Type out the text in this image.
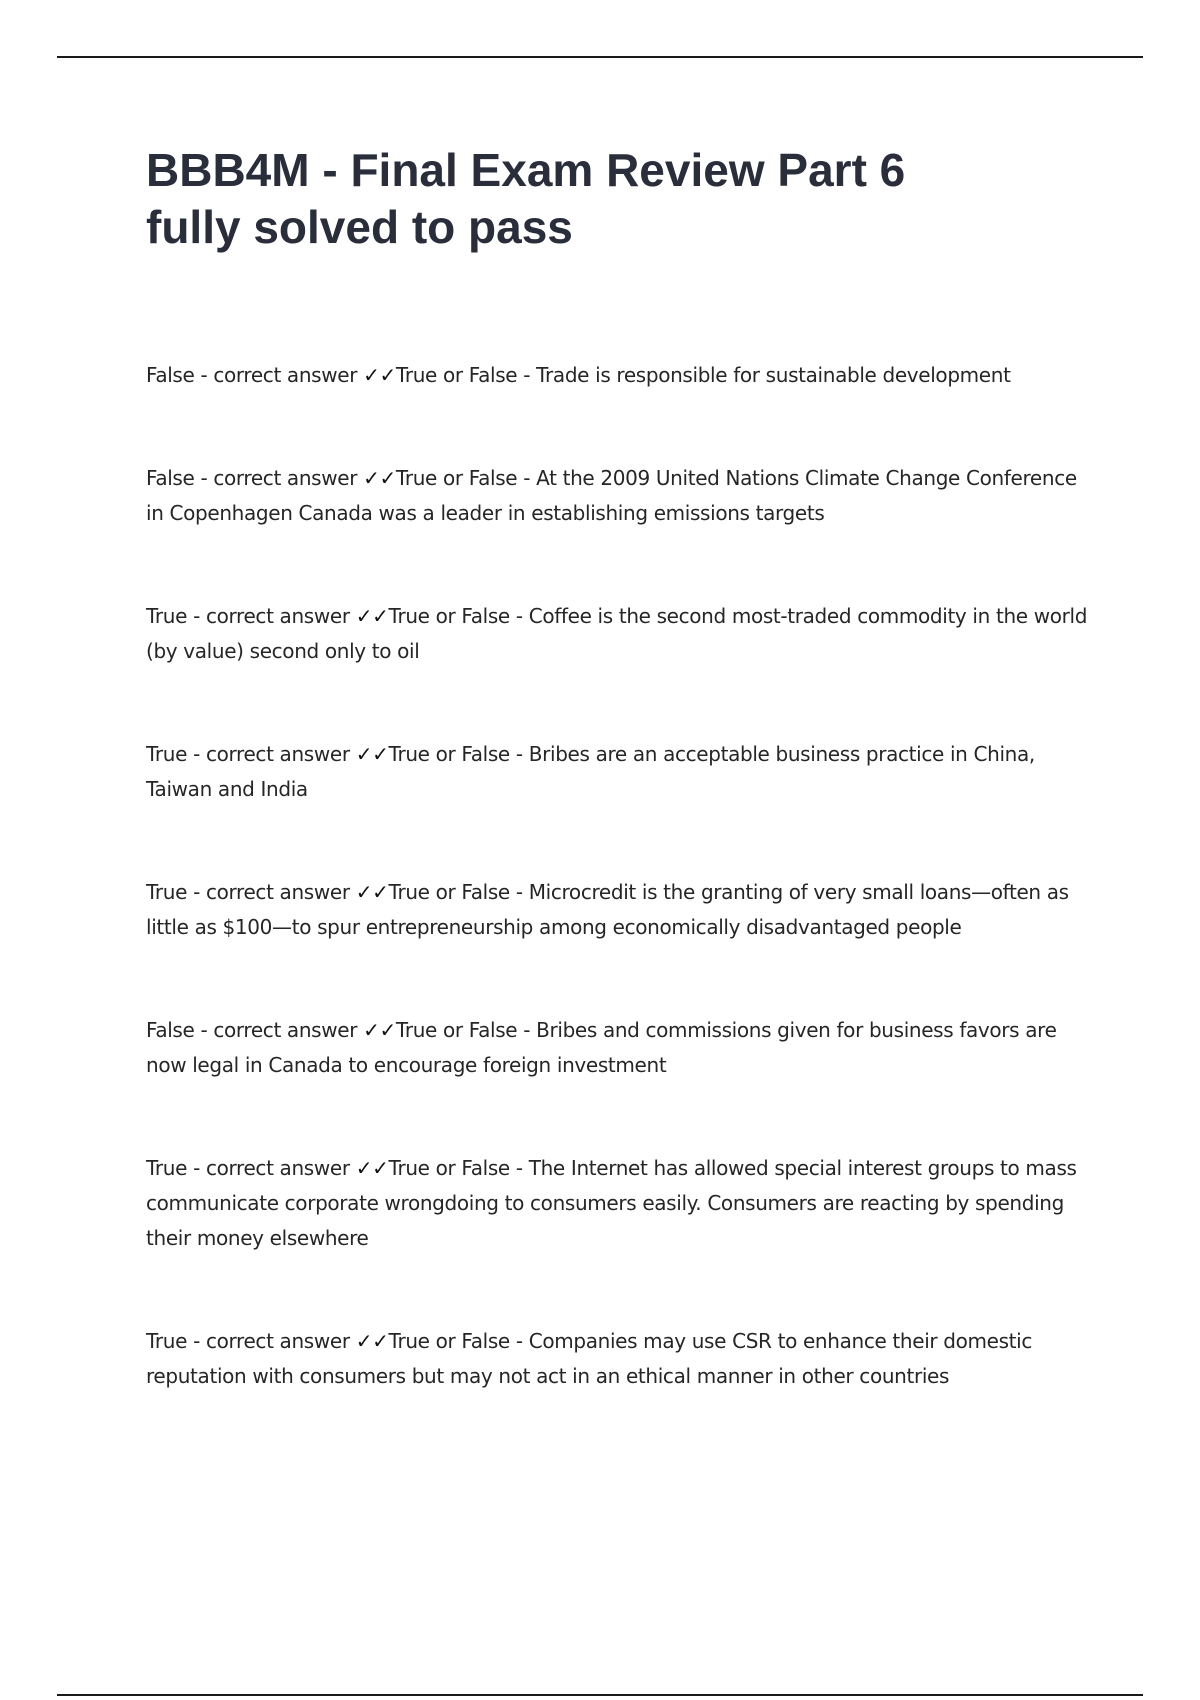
BBB4M - Final Exam Review Part 6 fully solved to pass

False - correct answer ✓✓True or False - Trade is responsible for sustainable development

False - correct answer ✓✓True or False - At the 2009 United Nations Climate Change Conference in Copenhagen Canada was a leader in establishing emissions targets

True - correct answer ✓✓True or False - Coffee is the second most-traded commodity in the world (by value) second only to oil

True - correct answer ✓✓True or False - Bribes are an acceptable business practice in China, Taiwan and India

True - correct answer ✓✓True or False - Microcredit is the granting of very small loans—often as little as $100—to spur entrepreneurship among economically disadvantaged people

False - correct answer ✓✓True or False - Bribes and commissions given for business favors are now legal in Canada to encourage foreign investment

True - correct answer ✓✓True or False - The Internet has allowed special interest groups to mass communicate corporate wrongdoing to consumers easily. Consumers are reacting by spending their money elsewhere

True - correct answer ✓✓True or False - Companies may use CSR to enhance their domestic reputation with consumers but may not act in an ethical manner in other countries
